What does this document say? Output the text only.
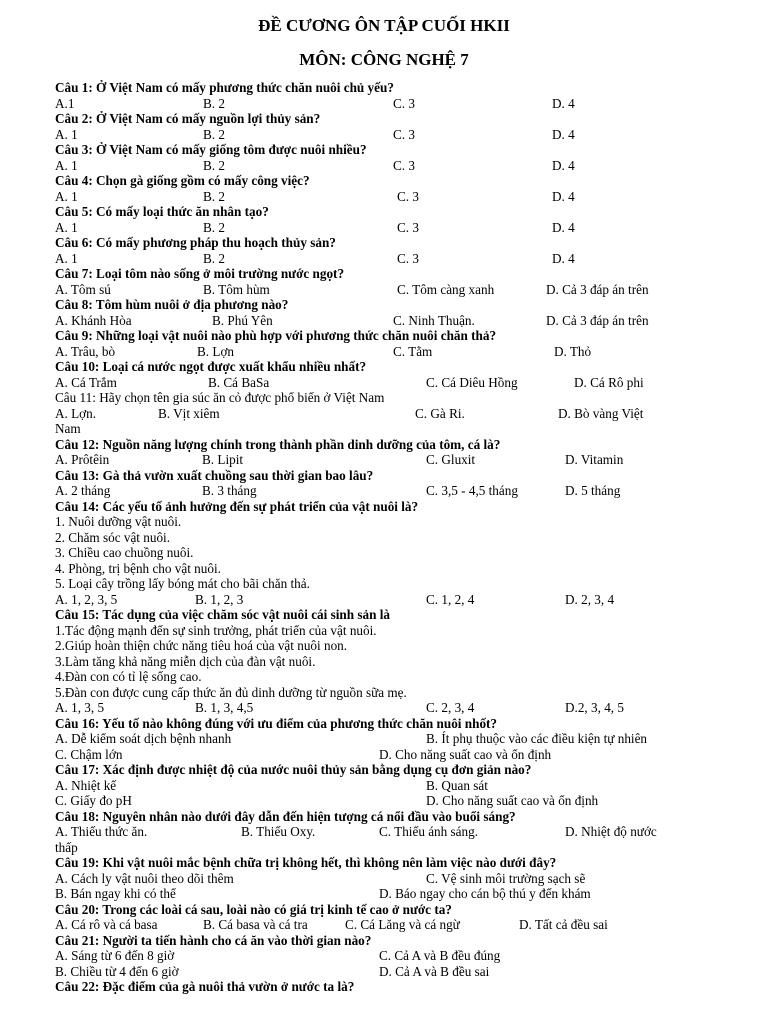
ĐỀ CƯƠNG ÔN TẬP CUỐI HKII
MÔN: CÔNG NGHỆ 7
Câu 1: Ở Việt Nam có mấy phương thức chăn nuôi chủ yếu?
A.1	B. 2	C. 3	D. 4
Câu 2: Ở Việt Nam có mấy nguồn lợi thủy sản?
A. 1	B. 2	C. 3	D. 4
Câu 3: Ở Việt Nam có mấy giống tôm được nuôi nhiều?
A. 1	B. 2	C. 3	D. 4
Câu 4: Chọn gà giống gồm có mấy công việc?
A. 1	B. 2	C. 3	D. 4
Câu 5: Có mấy loại thức ăn nhân tạo?
A. 1	B. 2	C. 3	D. 4
Câu 6: Có mấy phương pháp thu hoạch thủy sản?
A. 1	B. 2	C. 3	D. 4
Câu 7: Loại tôm nào sống ở môi trường nước ngọt?
A. Tôm sú	B. Tôm hùm	C. Tôm càng xanh	D. Cả 3 đáp án trên
Câu 8: Tôm hùm nuôi ở địa phương nào?
A. Khánh Hòa	B. Phú Yên	C. Ninh Thuận.	D. Cả 3 đáp án trên
Câu 9: Những loại vật nuôi nào phù hợp với phương thức chăn nuôi chăn thả?
A. Trâu, bò	B. Lợn	C. Tằm	D. Thỏ
Câu 10: Loại cá nước ngọt được xuất khẩu nhiều nhất?
A. Cá Trắm	B. Cá BaSa	C. Cá Diêu Hồng	D. Cá Rô phi
Câu 11: Hãy chọn tên gia súc ăn cỏ được phổ biến ở Việt Nam
A. Lợn.	B. Vịt xiêm	C. Gà Ri.	D. Bò vàng Việt
Nam
Câu 12: Nguồn năng lượng chính trong thành phần dinh dưỡng của tôm, cá là?
A. Prôtêin	B. Lipit	C. Gluxit	D. Vitamin
Câu 13: Gà thả vườn xuất chuồng sau thời gian bao lâu?
A. 2 tháng	B. 3 tháng	C. 3,5 - 4,5 tháng	D. 5 tháng
Câu 14: Các yếu tố ảnh hưởng đến sự phát triển của vật nuôi là?
1. Nuôi dưỡng vật nuôi.
2. Chăm sóc vật nuôi.
3. Chiều cao chuồng nuôi.
4. Phòng, trị bệnh cho vật nuôi.
5. Loại cây trồng lấy bóng mát cho bãi chăn thả.
A. 1, 2, 3, 5	B. 1, 2, 3	C. 1, 2, 4	D. 2, 3, 4
Câu 15: Tác dụng của việc chăm sóc vật nuôi cái sinh sản là
1.Tác động mạnh đến sự sinh trưởng, phát triển của vật nuôi.
2.Giúp hoàn thiện chức năng tiêu hoá của vật nuôi non.
3.Làm tăng khả năng miễn dịch của đàn vật nuôi.
4.Đàn con có tỉ lệ sống cao.
5.Đàn con được cung cấp thức ăn đủ dinh dưỡng từ nguồn sữa mẹ.
A. 1, 3, 5	B. 1, 3, 4,5	C. 2, 3, 4	D.2, 3, 4, 5
Câu 16: Yếu tố nào không đúng với ưu điểm của phương thức chăn nuôi nhốt?
A. Dễ kiểm soát dịch bệnh nhanh	B. Ít phụ thuộc vào các điều kiện tự nhiên
C. Chậm lớn	D. Cho năng suất cao và ổn định
Câu 17: Xác định được nhiệt độ của nước nuôi thủy sản bằng dụng cụ đơn giản nào?
A. Nhiệt kế	B. Quan sát
C. Giấy đo pH	D. Cho năng suất cao và ổn định
Câu 18: Nguyên nhân nào dưới đây dẫn đến hiện tượng cá nổi đầu vào buổi sáng?
A. Thiếu thức ăn.	B. Thiếu Oxy.	C. Thiếu ánh sáng.	D. Nhiệt độ nước
thấp
Câu 19: Khi vật nuôi mắc bệnh chữa trị không hết, thì không nên làm việc nào dưới đây?
A. Cách ly vật nuôi theo dõi thêm	C. Vệ sinh môi trường sạch sẽ
B. Bán ngay khi có thể	D. Báo ngay cho cán bộ thú y đến khám
Câu 20: Trong các loài cá sau, loài nào có giá trị kinh tế cao ở nước ta?
A. Cá rô và cá basa	B. Cá basa và cá tra	C. Cá Lăng và cá ngừ	D. Tất cả đều sai
Câu 21: Người ta tiến hành cho cá ăn vào thời gian nào?
A. Sáng từ 6 đến 8 giờ	C. Cả A và B đều đúng
B. Chiều từ 4 đến 6 giờ	D. Cả A và B đều sai
Câu 22: Đặc điểm của gà nuôi thả vườn ở nước ta là?
